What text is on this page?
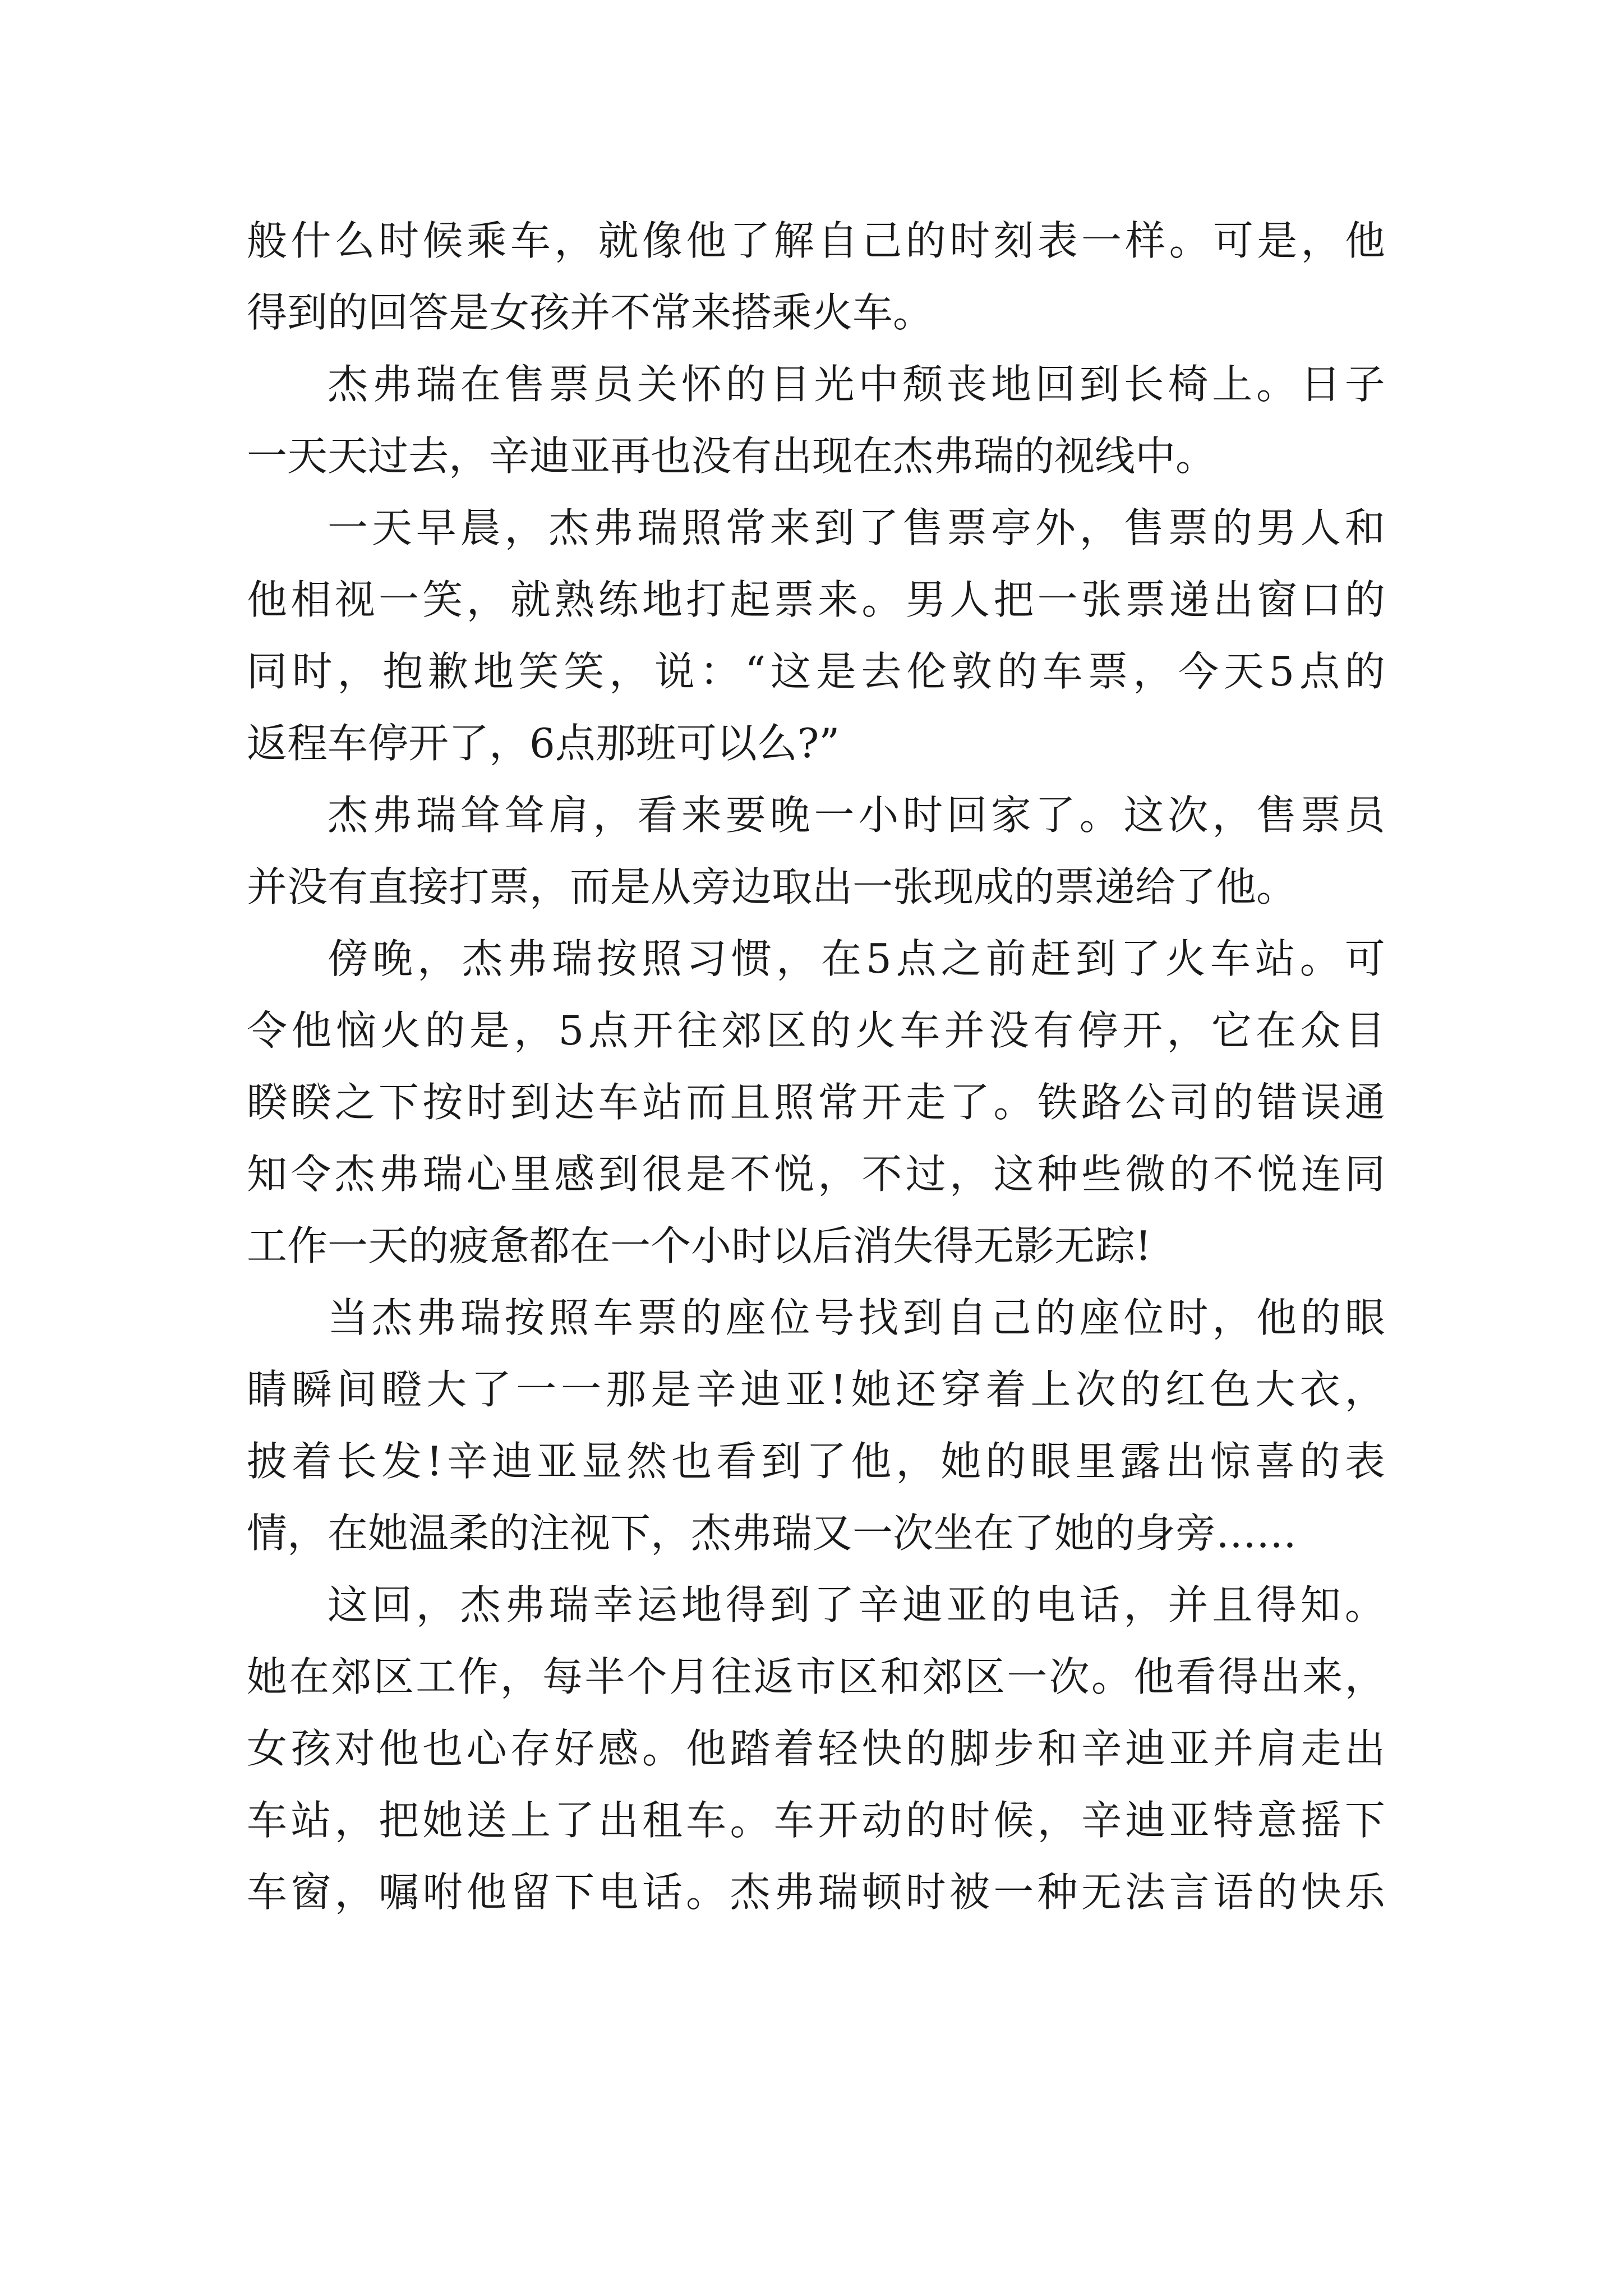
般 什 么 时 候 乘 车 ， 就 像 他 了 解 自 己 的 时 刻 表 一 样 。 可 是 ， 他
得到的回答是女孩并不常来搭乘火车。
杰 弗 瑞 在 售 票 员 关 怀 的 目 光 中 颓 丧 地 回 到 长 椅 上 。 日 子
一天天过去，辛迪亚再也没有出现在杰弗瑞的视线中。
一 天 早 晨 ， 杰 弗 瑞 照 常 来 到 了 售 票 亭 外 ， 售 票 的 男 人 和
他 相 视 一 笑 ， 就 熟 练 地 打 起 票 来 。 男 人 把 一 张 票 递 出 窗 口 的
同 时 ， 抱 歉 地 笑 笑 ， 说 ： “ 这 是 去 伦 敦 的 车 票 ， 今 天 5 点 的
返程车停开了，6点那班可以么?”
杰 弗 瑞 耸 耸 肩 ， 看 来 要 晚 一 小 时 回 家 了 。 这 次 ， 售 票 员
并没有直接打票，而是从旁边取出一张现成的票递给了他。
傍 晚 ， 杰 弗 瑞 按 照 习 惯 ， 在 5 点 之 前 赶 到 了 火 车 站 。 可
令 他 恼 火 的 是 ， 5 点 开 往 郊 区 的 火 车 并 没 有 停 开 ， 它 在 众 目
睽 睽 之 下 按 时 到 达 车 站 而 且 照 常 开 走 了 。 铁 路 公 司 的 错 误 通
知 令 杰 弗 瑞 心 里 感 到 很 是 不 悦 ， 不 过 ， 这 种 些 微 的 不 悦 连 同
工作一天的疲惫都在一个小时以后消失得无影无踪!
当 杰 弗 瑞 按 照 车 票 的 座 位 号 找 到 自 己 的 座 位 时 ， 他 的 眼
睛 瞬 间 瞪 大 了 一 一 那 是 辛 迪 亚 ! 她 还 穿 着 上 次 的 红 色 大 衣 ，
披 着 长 发 ! 辛 迪 亚 显 然 也 看 到 了 他 ， 她 的 眼 里 露 出 惊 喜 的 表
情，在她温柔的注视下，杰弗瑞又一次坐在了她的身旁……
这 回 ， 杰 弗 瑞 幸 运 地 得 到 了 辛 迪 亚 的 电 话 ， 并 且 得 知 。
她 在 郊 区 工 作 ， 每 半 个 月 往 返 市 区 和 郊 区 一 次 。 他 看 得 出 来 ，
女 孩 对 他 也 心 存 好 感 。 他 踏 着 轻 快 的 脚 步 和 辛 迪 亚 并 肩 走 出
车 站 ， 把 她 送 上 了 出 租 车 。 车 开 动 的 时 候 ， 辛 迪 亚 特 意 摇 下
车 窗 ， 嘱 咐 他 留 下 电 话 。 杰 弗 瑞 顿 时 被 一 种 无 法 言 语 的 快 乐
